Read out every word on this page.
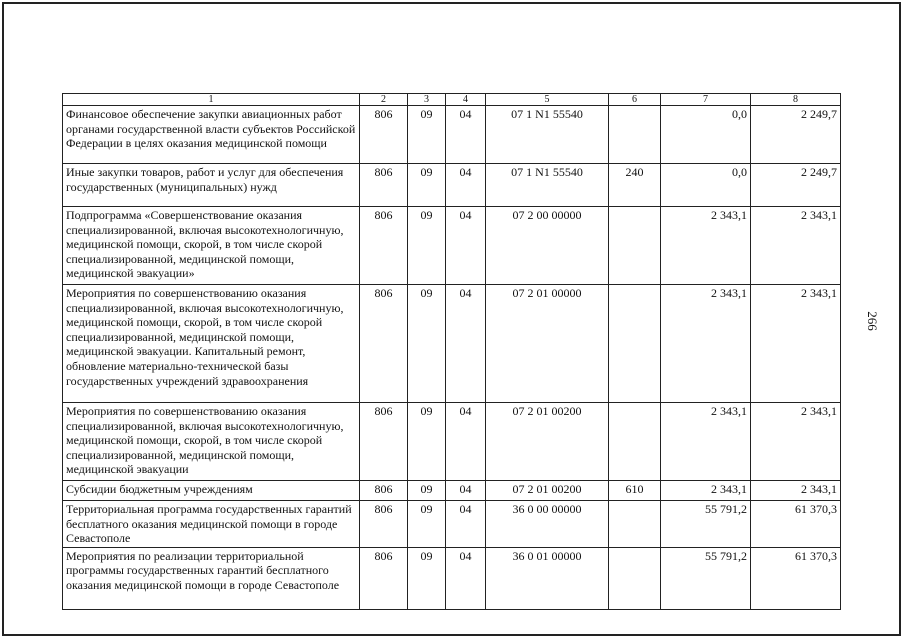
1	2	3	4	5	6	7	8
Финансовое обеспечение закупки авиационных работ органами государственной власти субъектов Российской Федерации в целях оказания медицинской помощи	806	09	04	07 1 N1 55540		0,0	2 249,7
Иные закупки товаров, работ и услуг для обеспечения государственных (муниципальных) нужд	806	09	04	07 1 N1 55540	240	0,0	2 249,7
Подпрограмма «Совершенствование оказания специализированной, включая высокотехнологичную, медицинской помощи, скорой, в том числе скорой специализированной, медицинской помощи, медицинской эвакуации»	806	09	04	07 2 00 00000		2 343,1	2 343,1
Мероприятия по совершенствованию оказания специализированной, включая высокотехнологичную, медицинской помощи, скорой, в том числе скорой специализированной, медицинской помощи, медицинской эвакуации. Капитальный ремонт, обновление материально-технической базы государственных учреждений здравоохранения	806	09	04	07 2 01 00000		2 343,1	2 343,1
Мероприятия по совершенствованию оказания специализированной, включая высокотехнологичную, медицинской помощи, скорой, в том числе скорой специализированной, медицинской помощи, медицинской эвакуации	806	09	04	07 2 01 00200		2 343,1	2 343,1
Субсидии бюджетным учреждениям	806	09	04	07 2 01 00200	610	2 343,1	2 343,1
Территориальная программа государственных гарантий бесплатного оказания медицинской помощи в городе Севастополе	806	09	04	36 0 00 00000		55 791,2	61 370,3
Мероприятия по реализации территориальной программы государственных гарантий бесплатного оказания медицинской помощи в городе Севастополе	806	09	04	36 0 01 00000		55 791,2	61 370,3
266
